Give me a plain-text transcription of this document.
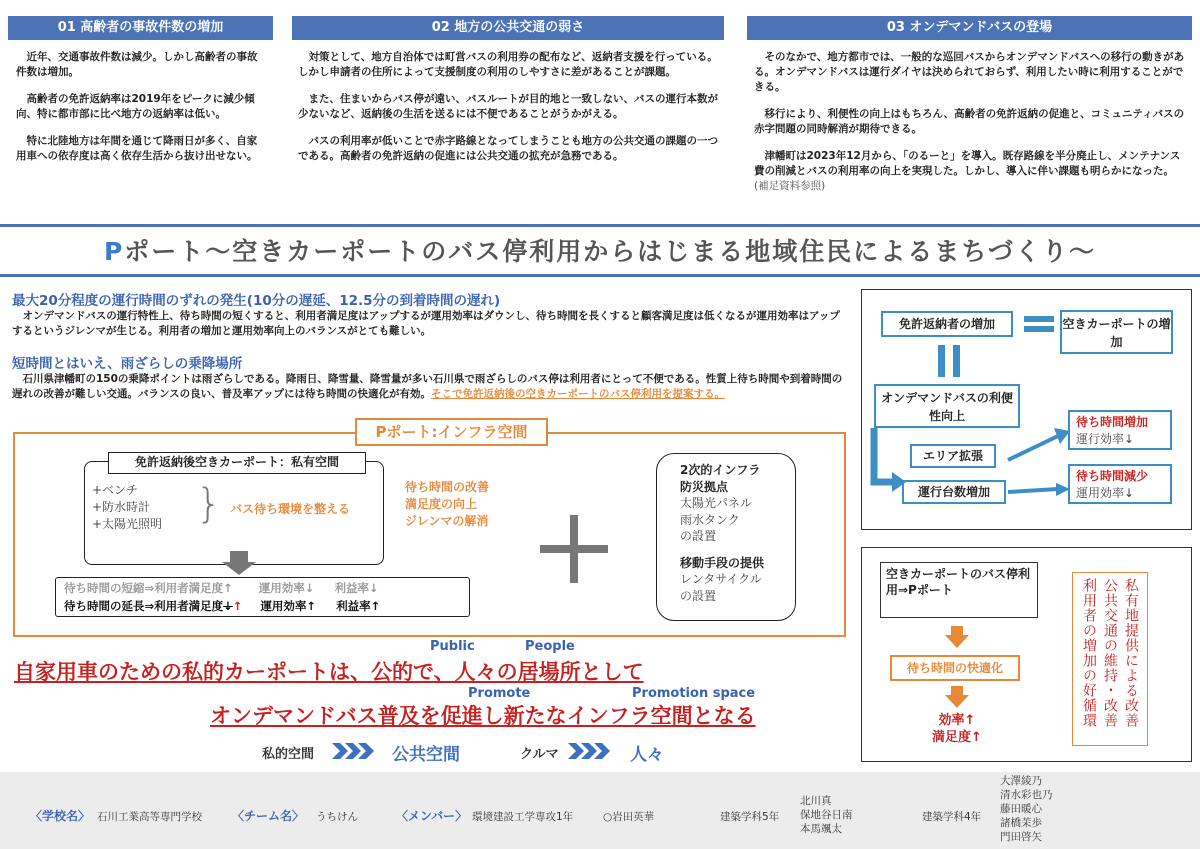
01 高齢者の事故件数の増加

近年、交通事故件数は減少。しかし高齢者の事故件数は増加。

高齢者の免許返納率は2019年をピークに減少傾向、特に都市部に比べ地方の返納率は低い。

特に北陸地方は年間を通じて降雨日が多く、自家用車への依存度は高く依存生活から抜け出せない。

02 地方の公共交通の弱さ

対策として、地方自治体では町営バスの利用券の配布など、返納者支援を行っている。しかし申請者の住所によって支援制度の利用のしやすさに差があることが課題。

また、住まいからバス停が遠い、バスルートが目的地と一致しない、バスの運行本数が少ないなど、返納後の生活を送るには不便であることがうかがえる。

バスの利用率が低いことで赤字路線となってしまうことも地方の公共交通の課題の一つである。高齢者の免許返納の促進には公共交通の拡充が急務である。

03 オンデマンドバスの登場

そのなかで、地方都市では、一般的な巡回バスからオンデマンドバスへの移行の動きがある。オンデマンドバスは運行ダイヤは決められておらず、利用したい時に利用することができる。

移行により、利便性の向上はもちろん、高齢者の免許返納の促進と、コミュニティバスの赤字問題の同時解消が期待できる。

津幡町は2023年12月から、「のるーと」を導入。既存路線を半分廃止し、メンテナンス費の削減とバスの利用率の向上を実現した。しかし、導入に伴い課題も明らかになった。 (補足資料参照)

Pポート～空きカーポートのバス停利用からはじまる地域住民によるまちづくり～
最大20分程度の運行時間のずれの発生(10分の遅延、12.5分の到着時間の遅れ)
オンデマンドバスの運行特性上、待ち時間の短くすると、利用者満足度はアップするが運用効率はダウンし、待ち時間を長くすると顧客満足度は低くなるが運用効率はアップするというジレンマが生じる。利用者の増加と運用効率向上のバランスがとても難しい。
短時間とはいえ、雨ざらしの乗降場所
石川県津幡町の150の乗降ポイントは雨ざらしである。降雨日、降雪量、降雪量が多い石川県で雨ざらしのバス停は利用者にとって不便である。性質上待ち時間や到着時間の遅れの改善が難しい交通。バランスの良い、普及率アップには待ち時間の快適化が有効。そこで免許返納後の空きカーポートのバス停利用を提案する。
Pポート:インフラ空間
免許返納後空きカーポート：私有空間
+ベンチ
+防水時計
+太陽光照明 } バス待ち環境を整える
待ち時間の改善
満足度の向上
ジレンマの解消
待ち時間の短縮⇒利用者満足度↑ 運用効率↓ 利益率↓
待ち時間の延長⇒利用者満足度↓↑ 運用効率↑ 利益率↑
2次的インフラ
防災拠点
太陽光パネル
雨水タンク
の設置
移動手段の提供
レンタサイクル
の設置
Public	People
自家用車のための私的カーポートは、公的で、人々の居場所として
Promote	Promotion space
オンデマンドバス普及を促進し新たなインフラ空間となる
私的空間	公共空間	クルマ	人々
免許返納者の増加	空きカーポートの増加
オンデマンドバスの利便性向上
エリア拡張
運行台数増加
待ち時間増加
運行効率↓
待ち時間減少
運用効率↓
空きカーポートのバス停利用⇒Pポート
待ち時間の快適化
効率↑
満足度↑
私有地提供による改善公共交通の維持・改善利用者の増加の好循環
〈学校名〉 石川工業高等専門学校	〈チーム名〉 うちけん	〈メンバー〉 環境建設工学専攻1年	○岩田英華	建築学科5年
北川真
保地谷日南
本馬颯太
建築学科4年
大澤綾乃
清水彩也乃
藤田暖心
諸橋茉歩
門田啓矢
